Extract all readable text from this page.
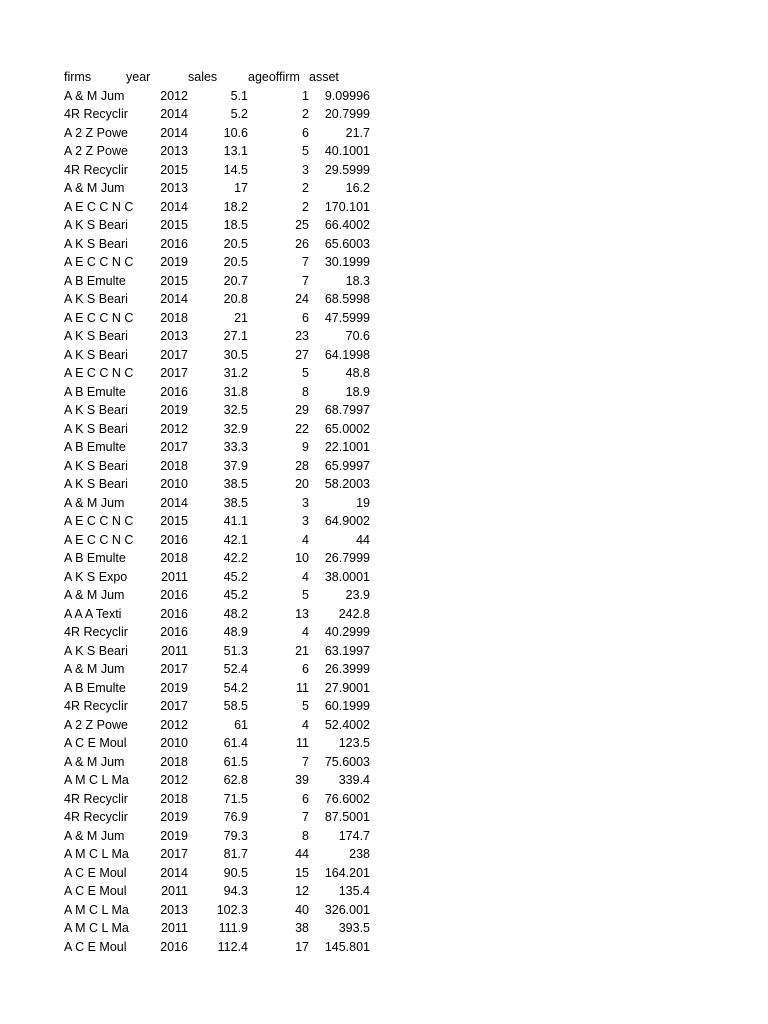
firms	year	sales	ageoffirm asset
A & M Jum	2012	5.1	1	9.09996
4R Recyclir	2014	5.2	2	20.7999
A 2 Z Powe	2014	10.6	6	21.7
A 2 Z Powe	2013	13.1	5	40.1001
4R Recyclir	2015	14.5	3	29.5999
A & M Jum	2013	17	2	16.2
A E C C N C	2014	18.2	2	170.101
A K S Beari	2015	18.5	25	66.4002
A K S Beari	2016	20.5	26	65.6003
A E C C N C	2019	20.5	7	30.1999
A B Emulte	2015	20.7	7	18.3
A K S Beari	2014	20.8	24	68.5998
A E C C N C	2018	21	6	47.5999
A K S Beari	2013	27.1	23	70.6
A K S Beari	2017	30.5	27	64.1998
A E C C N C	2017	31.2	5	48.8
A B Emulte	2016	31.8	8	18.9
A K S Beari	2019	32.5	29	68.7997
A K S Beari	2012	32.9	22	65.0002
A B Emulte	2017	33.3	9	22.1001
A K S Beari	2018	37.9	28	65.9997
A K S Beari	2010	38.5	20	58.2003
A & M Jum	2014	38.5	3	19
A E C C N C	2015	41.1	3	64.9002
A E C C N C	2016	42.1	4	44
A B Emulte	2018	42.2	10	26.7999
A K S Expo	2011	45.2	4	38.0001
A & M Jum	2016	45.2	5	23.9
A A A Texti	2016	48.2	13	242.8
4R Recyclir	2016	48.9	4	40.2999
A K S Beari	2011	51.3	21	63.1997
A & M Jum	2017	52.4	6	26.3999
A B Emulte	2019	54.2	11	27.9001
4R Recyclir	2017	58.5	5	60.1999
A 2 Z Powe	2012	61	4	52.4002
A C E Moul	2010	61.4	11	123.5
A & M Jum	2018	61.5	7	75.6003
A M C L Ma	2012	62.8	39	339.4
4R Recyclir	2018	71.5	6	76.6002
4R Recyclir	2019	76.9	7	87.5001
A & M Jum	2019	79.3	8	174.7
A M C L Ma	2017	81.7	44	238
A C E Moul	2014	90.5	15	164.201
A C E Moul	2011	94.3	12	135.4
A M C L Ma	2013	102.3	40	326.001
A M C L Ma	2011	111.9	38	393.5
A C E Moul	2016	112.4	17	145.801
